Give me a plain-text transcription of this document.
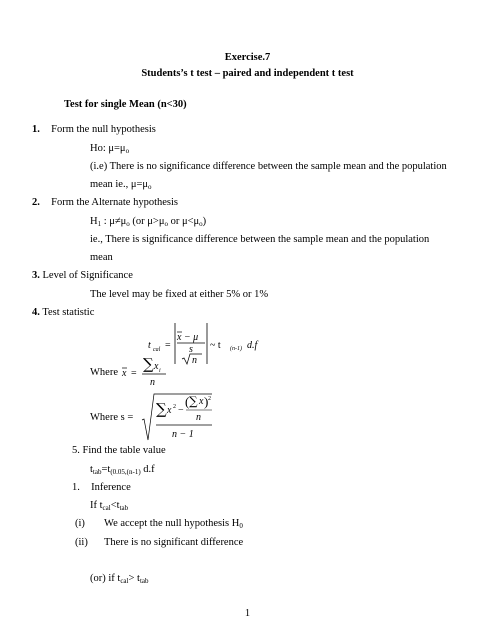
Exercise.7
Students’s t test – paired and independent t test
Test for single Mean (n<30)
1. Form the null hypothesis
Ho: $\mu=\mu_o$
(i.e) There is no significance difference between the sample mean and the population
mean ie., $\mu=\mu_o$
2. Form the Alternate hypothesis
$H_1$ : $\mu\ne\mu_o$ (or $\mu>\mu_o$ or $\mu<\mu_o$)
ie., There is significance difference between the sample mean and the population
mean
3. Level of Significance
The level may be fixed at either 5% or 1%
4. Test statistic
t cal =
x − μ
s
n
~ t (n-1) d.f
Where x =
∑ x i
n
Where s = ∑ x 2 −
( ∑ x ) 2
n
n − 1
5. Find the table value
$t_{tab}=t_{(0.05,(n-1)}$ d.f
1. Inference
If $t_{cal}<t_{tab}$
(i) We accept the null hypothesis $H_0$
(ii) There is no significant difference
(or) if $t_{cal}> t_{tab}$
1
